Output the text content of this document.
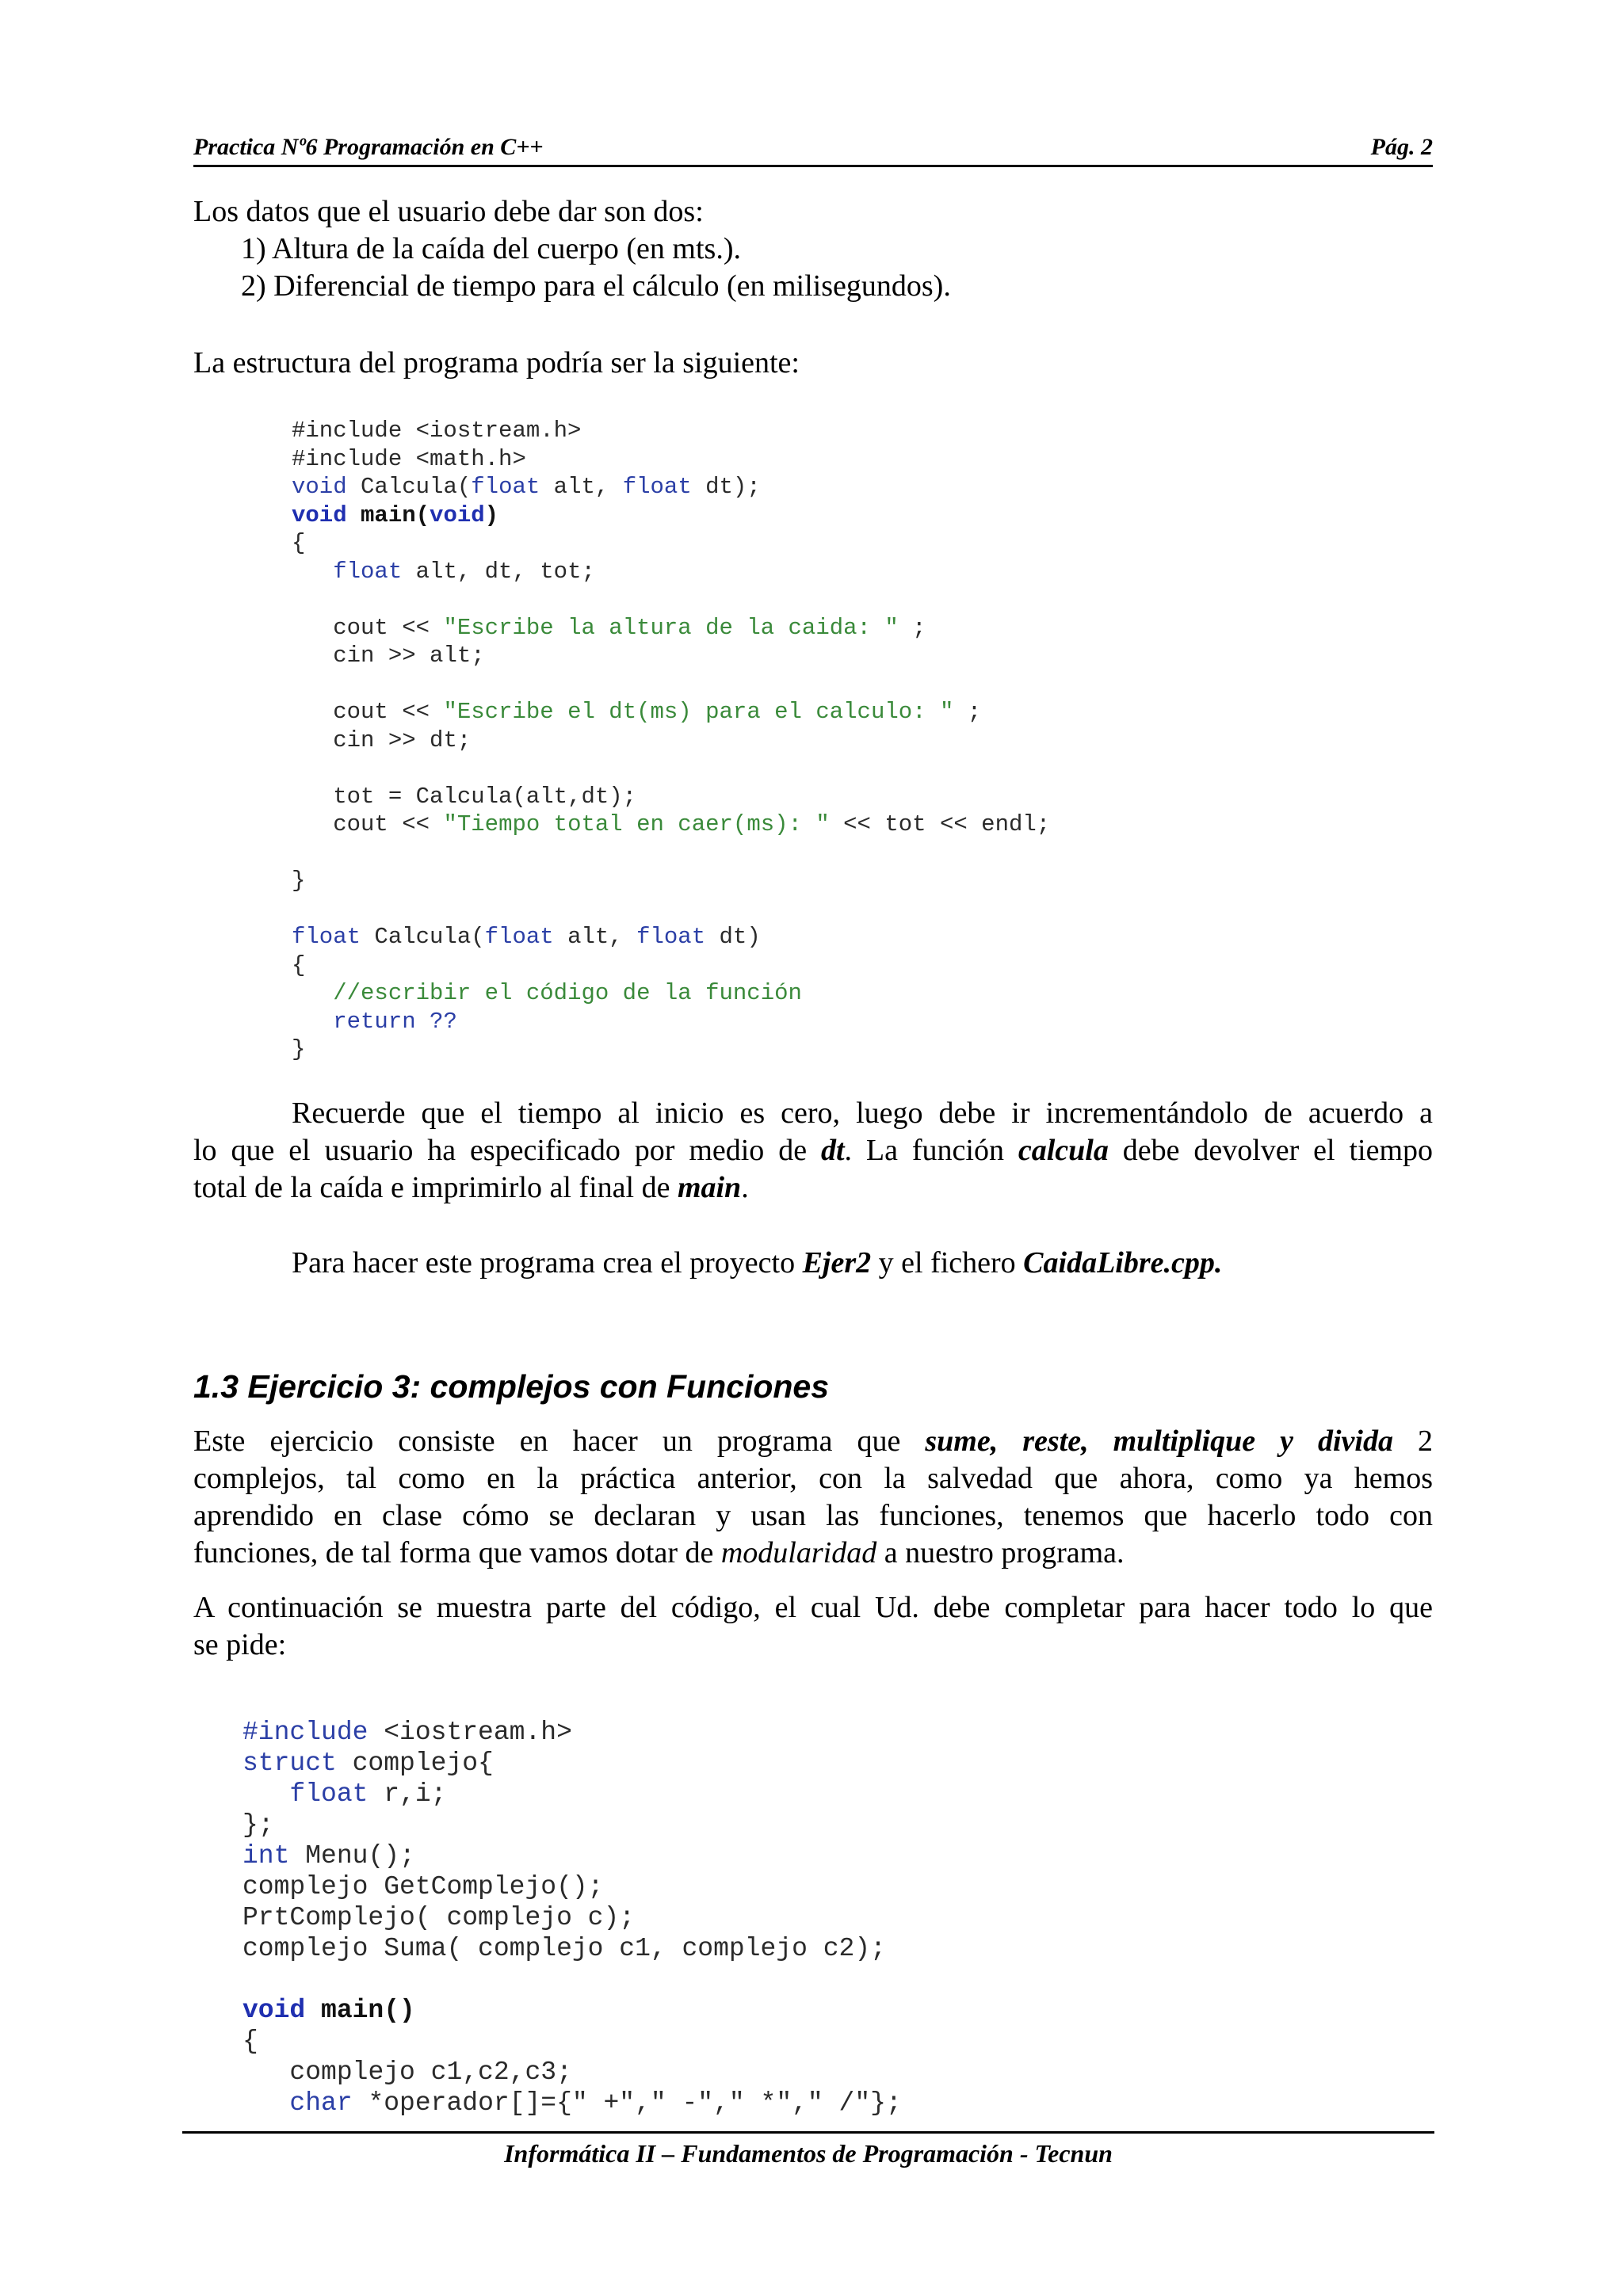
Practica Nº6 Programación en C++	Pág. 2
Los datos que el usuario debe dar son dos:
1) Altura de la caída del cuerpo (en mts.).
2) Diferencial de tiempo para el cálculo (en milisegundos).
La estructura del programa podría ser la siguiente:
#include <iostream.h>
#include <math.h>
void Calcula(float alt, float dt);
void main(void)
{
float alt, dt, tot;

cout << "Escribe la altura de la caida: " ;
cin >> alt;

cout << "Escribe el dt(ms) para el calculo: " ;
cin >> dt;

tot = Calcula(alt,dt);
cout << "Tiempo total en caer(ms): " << tot << endl;

}

float Calcula(float alt, float dt)
{
//escribir el código de la función
return ??
}
Recuerde que el tiempo al inicio es cero, luego debe ir incrementándolo de acuerdo a
lo que el usuario ha especificado por medio de dt. La función calcula debe devolver el tiempo
total de la caída e imprimirlo al final de main.
Para hacer este programa crea el proyecto Ejer2 y el fichero CaidaLibre.cpp.
1.3 Ejercicio 3: complejos con Funciones
Este ejercicio consiste en hacer un programa que sume, reste, multiplique y divida 2
complejos, tal como en la práctica anterior, con la salvedad que ahora, como ya hemos
aprendido en clase cómo se declaran y usan las funciones, tenemos que hacerlo todo con
funciones, de tal forma que vamos dotar de modularidad a nuestro programa.
A continuación se muestra parte del código, el cual Ud. debe completar para hacer todo lo que
se pide:
#include <iostream.h>
struct complejo{
float r,i;
};
int Menu();
complejo GetComplejo();
PrtComplejo( complejo c);
complejo Suma( complejo c1, complejo c2);

void main()
{
complejo c1,c2,c3;
char *operador[]={" +"," -"," *"," /"};
Informática II – Fundamentos de Programación - Tecnun
